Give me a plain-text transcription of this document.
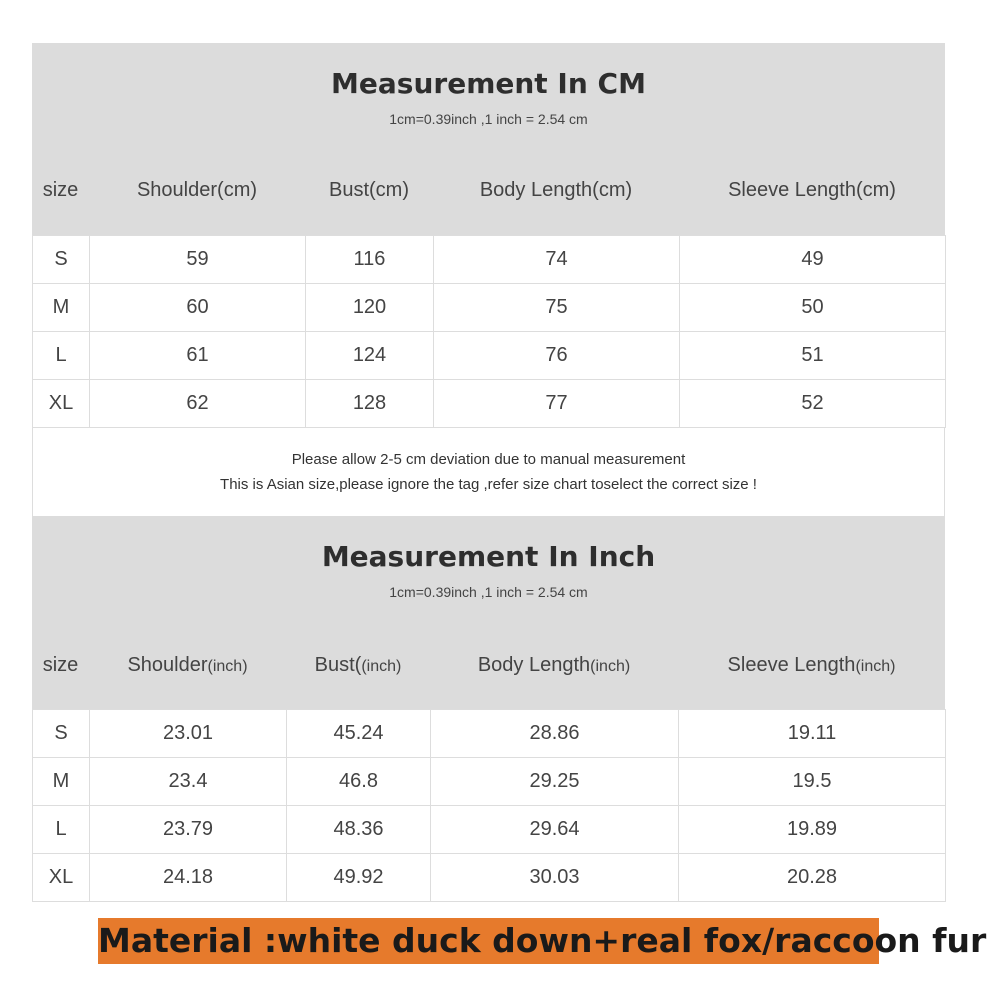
Measurement In CM
1cm=0.39inch ,1 inch = 2.54 cm
size	Shoulder(cm)	Bust(cm)	Body Length(cm)	Sleeve Length(cm)
S	59	116	74	49
M	60	120	75	50
L	61	124	76	51
XL	62	128	77	52
Please allow 2-5 cm deviation due to manual measurement
This is Asian size,please ignore the tag ,refer size chart toselect the correct size !
Measurement In Inch
1cm=0.39inch ,1 inch = 2.54 cm
size	Shoulder(inch)	Bust((inch)	Body Length(inch)	Sleeve Length(inch)
S	23.01	45.24	28.86	19.11
M	23.4	46.8	29.25	19.5
L	23.79	48.36	29.64	19.89
XL	24.18	49.92	30.03	20.28
Material :white duck down+real fox/raccoon fur
